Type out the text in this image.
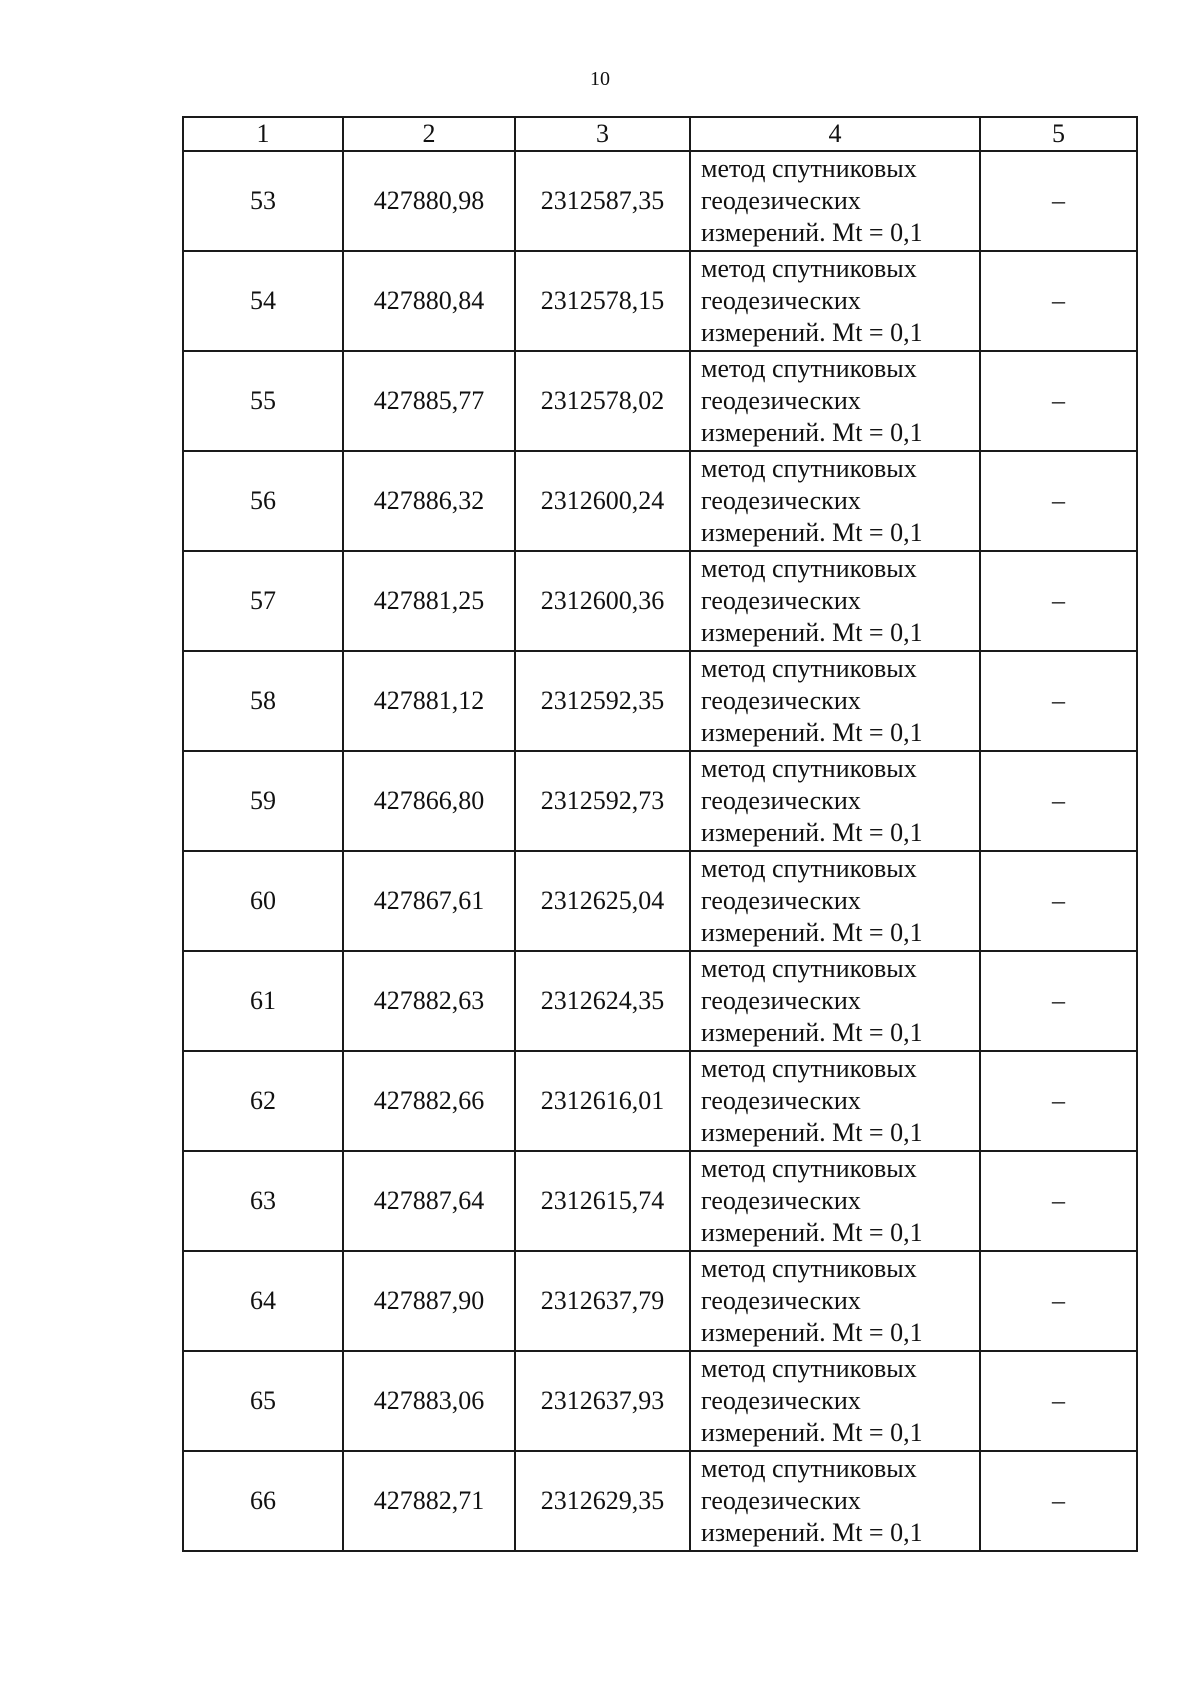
10
1	2	3	4	5
53	427880,98	2312587,35	метод спутниковых
геодезических
измерений. Mt = 0,1	–
54	427880,84	2312578,15	метод спутниковых
геодезических
измерений. Mt = 0,1	–
55	427885,77	2312578,02	метод спутниковых
геодезических
измерений. Mt = 0,1	–
56	427886,32	2312600,24	метод спутниковых
геодезических
измерений. Mt = 0,1	–
57	427881,25	2312600,36	метод спутниковых
геодезических
измерений. Mt = 0,1	–
58	427881,12	2312592,35	метод спутниковых
геодезических
измерений. Mt = 0,1	–
59	427866,80	2312592,73	метод спутниковых
геодезических
измерений. Mt = 0,1	–
60	427867,61	2312625,04	метод спутниковых
геодезических
измерений. Mt = 0,1	–
61	427882,63	2312624,35	метод спутниковых
геодезических
измерений. Mt = 0,1	–
62	427882,66	2312616,01	метод спутниковых
геодезических
измерений. Mt = 0,1	–
63	427887,64	2312615,74	метод спутниковых
геодезических
измерений. Mt = 0,1	–
64	427887,90	2312637,79	метод спутниковых
геодезических
измерений. Mt = 0,1	–
65	427883,06	2312637,93	метод спутниковых
геодезических
измерений. Mt = 0,1	–
66	427882,71	2312629,35	метод спутниковых
геодезических
измерений. Mt = 0,1	–
